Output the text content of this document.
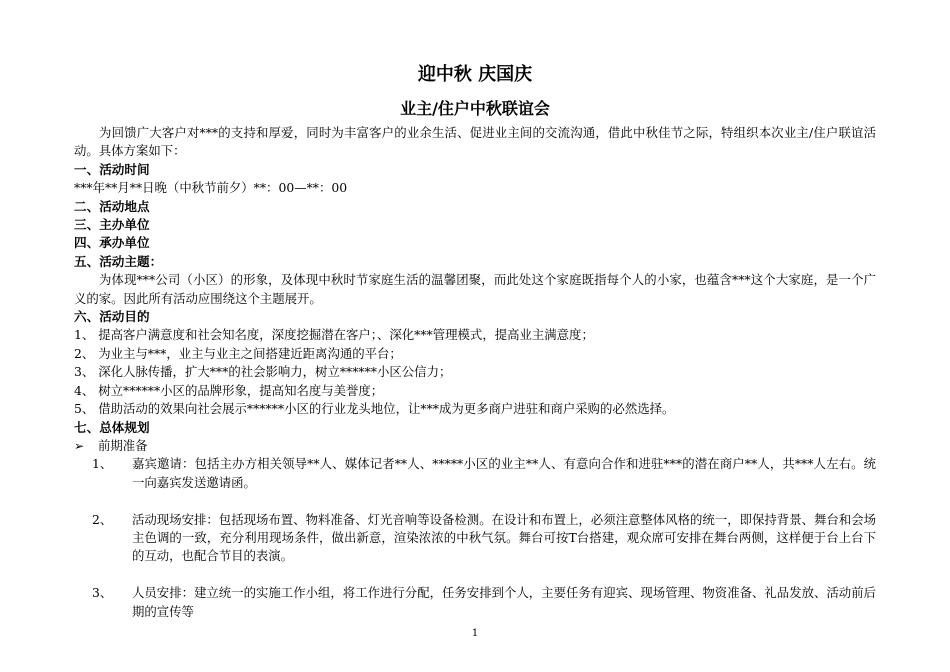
迎中秋 庆国庆
业主/住户中秋联谊会

为回馈广大客户对***的支持和厚爱，同时为丰富客户的业余生活、促进业主间的交流沟通，借此中秋佳节之际，特组织本次业主/住户联谊活动。具体方案如下：

一、活动时间

***年**月**日晚（中秋节前夕）**：00—**：00

二、活动地点

三、主办单位

四、承办单位

五、活动主题：

为体现***公司（小区）的形象，及体现中秋时节家庭生活的温馨团聚，而此处这个家庭既指每个人的小家，也蕴含***这个大家庭，是一个广义的家。因此所有活动应围绕这个主题展开。

六、活动目的

1、 提高客户满意度和社会知名度，深度挖掘潜在客户；、深化***管理模式，提高业主满意度；

2、 为业主与***，业主与业主之间搭建近距离沟通的平台；

3、 深化人脉传播，扩大***的社会影响力，树立******小区公信力；

4、 树立******小区的品牌形象，提高知名度与美誉度；

5、 借助活动的效果向社会展示******小区的行业龙头地位，让***成为更多商户进驻和商户采购的必然选择。

七、总体规划

➢	前期准备
1、	嘉宾邀请：包括主办方相关领导**人、媒体记者**人、*****小区的业主**人、有意向合作和进驻***的潜在商户**人，共***人左右。统一向嘉宾发送邀请函。
2、	活动现场安排：包括现场布置、物料准备、灯光音响等设备检测。在设计和布置上，必须注意整体风格的统一，即保持背景、舞台和会场主色调的一致，充分利用现场条件，做出新意，渲染浓浓的中秋气氛。舞台可按T台搭建，观众席可安排在舞台两侧，这样便于台上台下的互动，也配合节目的表演。
3、	人员安排：建立统一的实施工作小组，将工作进行分配，任务安排到个人，主要任务有迎宾、现场管理、物资准备、礼品发放、活动前后期的宣传等
1
